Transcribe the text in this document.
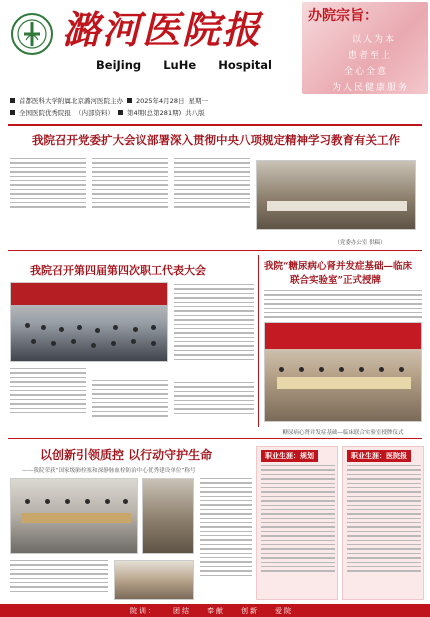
潞河医院报
BeiJing LuHe Hospital
办院宗旨：
以人为本
患者至上
全心全意
为人民健康服务
首都医科大学附属北京潞河医院主办 2025年4月28日 星期一
全国医院优秀院报 （内部资料） 第4期(总第281期) 共八版
我院召开党委扩大会议部署深入贯彻中央八项规定精神学习教育有关工作
（党委办公室 供稿）
我院召开第四届第四次职工代表大会	我院“糖尿病心肾并发症基础—临床
联合实验室”正式授牌
糖尿病心肾并发症基础—临床联合实验室授牌仪式
以创新引领质控 以行动守护生命
——我院荣获“国家级肺栓塞和深静脉血栓防治中心优秀建设单位”称号
职业生涯：规划	职业生涯：医院报
院训： 团结 奉献 创新 爱院
